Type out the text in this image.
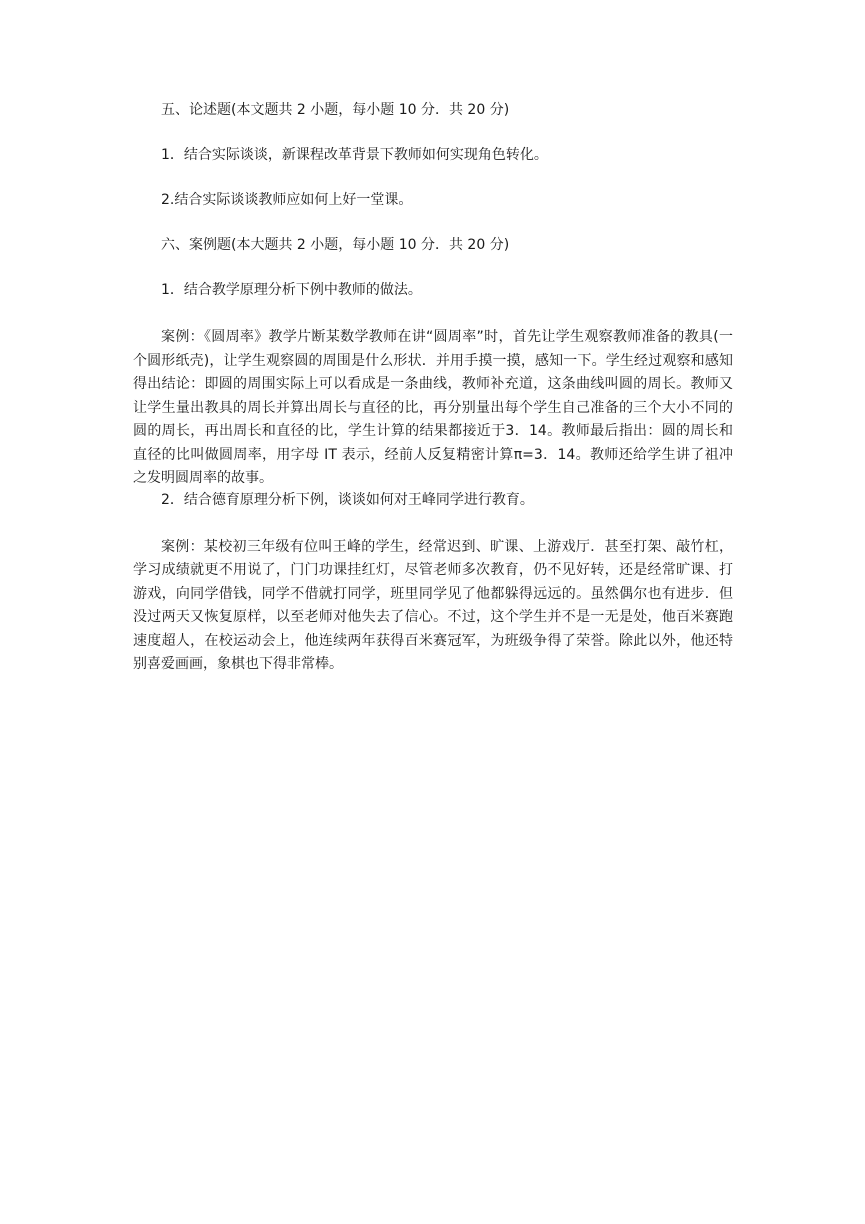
五、论述题(本文题共 2 小题，每小题 10 分．共 20 分)

1．结合实际谈谈，新课程改革背景下教师如何实现角色转化。

2.结合实际谈谈教师应如何上好一堂课。

六、案例题(本大题共 2 小题，每小题 10 分．共 20 分)

1．结合教学原理分析下例中教师的做法。

案例：《圆周率》教学片断某数学教师在讲“圆周率”时，首先让学生观察教师准备的教具(一个圆形纸壳)，让学生观察圆的周围是什么形状．并用手摸一摸，感知一下。学生经过观察和感知得出结论：即圆的周围实际上可以看成是一条曲线，教师补充道，这条曲线叫圆的周长。教师又让学生量出教具的周长并算出周长与直径的比，再分别量出每个学生自己准备的三个大小不同的圆的周长，再出周长和直径的比，学生计算的结果都接近于3．14。教师最后指出：圆的周长和直径的比叫做圆周率，用字母 IT 表示，经前人反复精密计算π=3．14。教师还给学生讲了祖冲之发明圆周率的故事。

2．结合德育原理分析下例，谈谈如何对王峰同学进行教育。

案例：某校初三年级有位叫王峰的学生，经常迟到、旷课、上游戏厅．甚至打架、敲竹杠，学习成绩就更不用说了，门门功课挂红灯，尽管老师多次教育，仍不见好转，还是经常旷课、打游戏，向同学借钱，同学不借就打同学，班里同学见了他都躲得远远的。虽然偶尔也有进步．但没过两天又恢复原样，以至老师对他失去了信心。不过，这个学生并不是一无是处，他百米赛跑速度超人，在校运动会上，他连续两年获得百米赛冠军，为班级争得了荣誉。除此以外，他还特别喜爱画画，象棋也下得非常棒。
